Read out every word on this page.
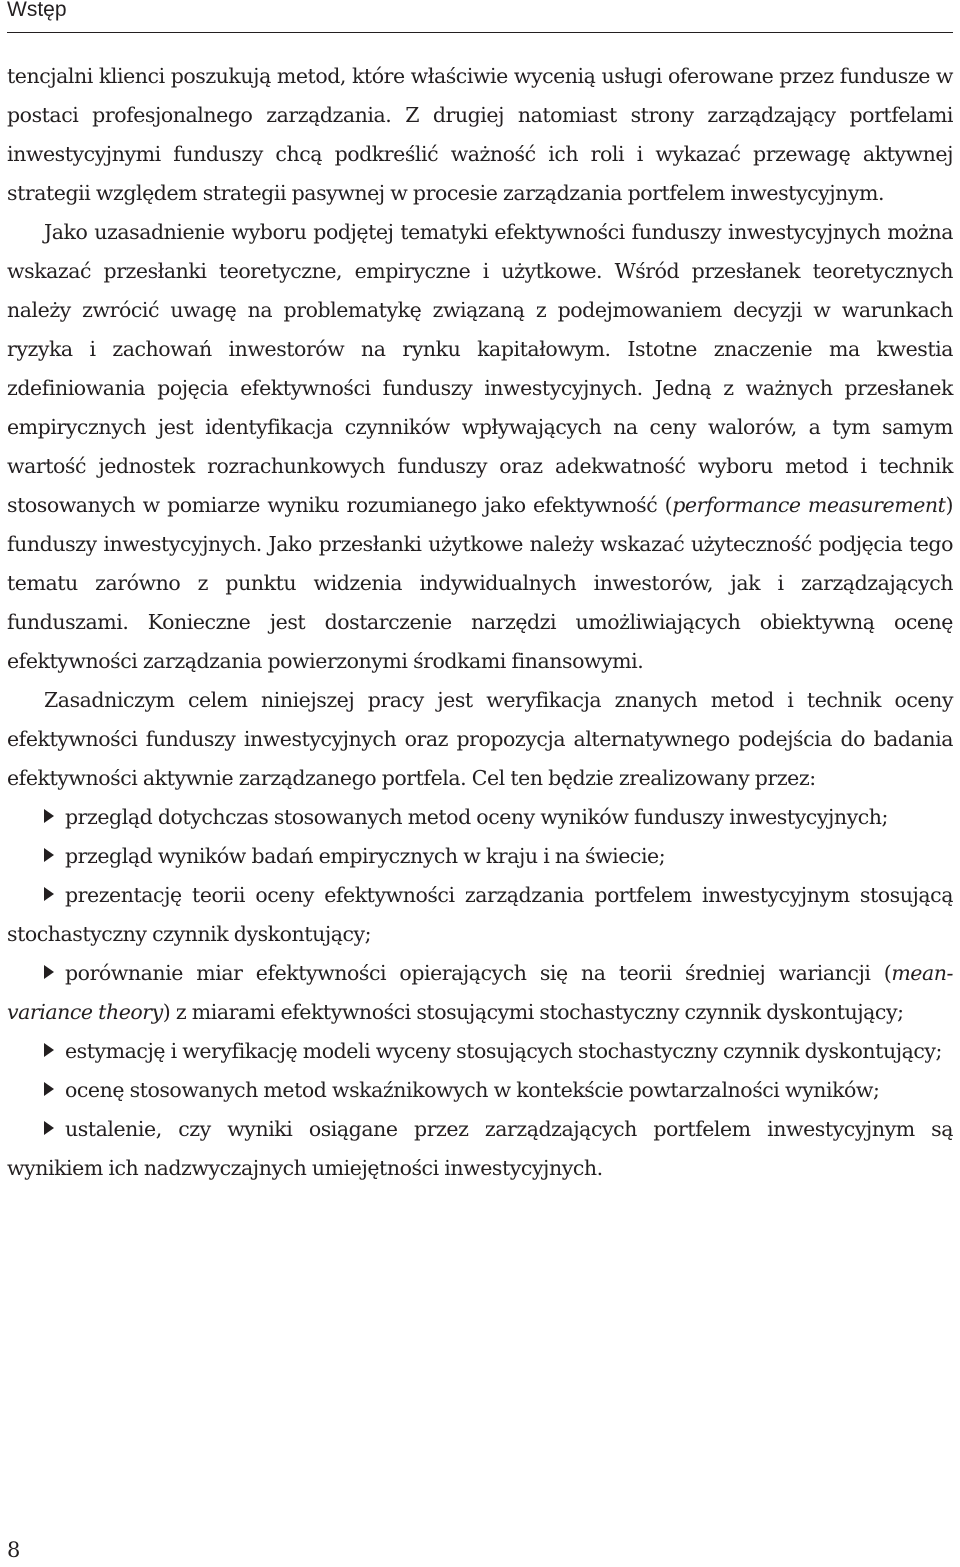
Wstęp

tencjalni klienci poszukują metod, które właściwie wycenią usługi oferowane przez fundusze w postaci profesjonalnego zarządzania. Z drugiej natomiast strony zarządzający portfelami inwestycyjnymi funduszy chcą podkreślić ważność ich roli i wykazać przewagę aktywnej strategii względem strategii pasywnej w procesie zarządzania portfelem inwestycyjnym.

Jako uzasadnienie wyboru podjętej tematyki efektywności funduszy inwestycyjnych można wskazać przesłanki teoretyczne, empiryczne i użytkowe. Wśród przesłanek teoretycznych należy zwrócić uwagę na problematykę związaną z podejmowaniem decyzji w warunkach ryzyka i zachowań inwestorów na rynku kapitałowym. Istotne znaczenie ma kwestia zdefiniowania pojęcia efektywności funduszy inwestycyjnych. Jedną z ważnych przesłanek empirycznych jest identyfikacja czynników wpływających na ceny walorów, a tym samym wartość jednostek rozrachunkowych funduszy oraz adekwatność wyboru metod i technik stosowanych w pomiarze wyniku rozumianego jako efektywność (performance measurement) funduszy inwestycyjnych. Jako przesłanki użytkowe należy wskazać użyteczność podjęcia tego tematu zarówno z punktu widzenia indywidualnych inwestorów, jak i zarządzających funduszami. Konieczne jest dostarczenie narzędzi umożliwiających obiektywną ocenę efektywności zarządzania powierzonymi środkami finansowymi.

Zasadniczym celem niniejszej pracy jest weryfikacja znanych metod i technik oceny efektywności funduszy inwestycyjnych oraz propozycja alternatywnego podejścia do badania efektywności aktywnie zarządzanego portfela. Cel ten będzie zrealizowany przez:

przegląd dotychczas stosowanych metod oceny wyników funduszy inwestycyjnych;
przegląd wyników badań empirycznych w kraju i na świecie;
prezentację teorii oceny efektywności zarządzania portfelem inwestycyjnym stosującą stochastyczny czynnik dyskontujący;
porównanie miar efektywności opierających się na teorii średniej wariancji (mean-variance theory) z miarami efektywności stosującymi stochastyczny czynnik dyskontujący;
estymację i weryfikację modeli wyceny stosujących stochastyczny czynnik dyskontujący;
ocenę stosowanych metod wskaźnikowych w kontekście powtarzalności wyników;
ustalenie, czy wyniki osiągane przez zarządzających portfelem inwestycyjnym są wynikiem ich nadzwyczajnych umiejętności inwestycyjnych.
8
